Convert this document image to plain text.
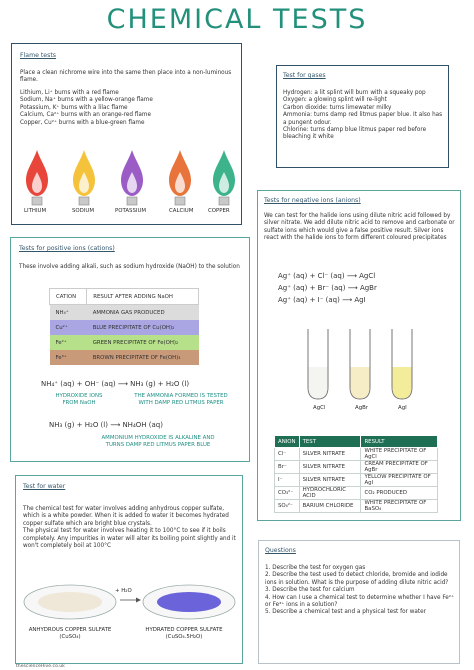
CHEMICAL TESTS
Flame tests
Place a clean nichrome wire into the same then place into a non-luminous flame.
Lithium, Li⁺ burns with a red flame
Sodium, Na⁺ burns with a yellow-orange flame
Potassium, K⁺ burns with a lilac flame
Calcium, Ca²⁺ burns with an orange-red flame
Copper, Cu²⁺ burns with a blue-green flame
LITHIUM	SODIUM	POTASSIUM	CALCIUM	COPPER
Test for gases
Hydrogen: a lit splint will burn with a squeaky pop
Oxygen: a glowing splint will re-light
Carbon dioxide: turns limewater milky
Ammonia: turns damp red litmus paper blue. It also has a pungent odour.
Chlorine: turns damp blue litmus paper red before bleaching it white
Tests for negative ions (anions)
We can test for the halide ions using dilute nitric acid followed by silver nitrate. We add dilute nitric acid to remove and carbonate or sulfate ions which would give a false positive result. Silver ions react with the halide ions to form different coloured precipitates
Ag⁺ (aq) + Cl⁻ (aq) ⟶ AgCl
Ag⁺ (aq) + Br⁻ (aq) ⟶ AgBr
Ag⁺ (aq) + I⁻ (aq) ⟶ AgI
AgCl	AgBr	AgI
ANION	TEST	RESULT
Cl⁻	SILVER NITRATE	WHITE PRECIPITATE OF AgCl
Br⁻	SILVER NITRATE	CREAM PRECIPITATE OF AgBr
I⁻	SILVER NITRATE	YELLOW PRECIPITATE OF AgI
CO₃²⁻	HYDROCHLORIC ACID	CO₂ PRODUCED
SO₄²⁻	BARIUM CHLORIDE	WHITE PRECIPITATE OF BaSO₄
Tests for positive ions (cations)
These involve adding alkali, such as sodium hydroxide (NaOH) to the solution
CATION	RESULT AFTER ADDING NaOH
NH₄⁺	AMMONIA GAS PRODUCED
Cu²⁺	BLUE PRECIPITATE OF Cu(OH)₂
Fe²⁺	GREEN PRECIPITATE OF Fe(OH)₂
Fe³⁺	BROWN PRECIPITATE OF Fe(OH)₃
NH₄⁺ (aq) + OH⁻ (aq) ⟶ NH₃ (g) + H₂O (l)
HYDROXIDE IONS FROM NaOH
THE AMMONIA FORMED IS TESTED WITH DAMP RED LITMUS PAPER
NH₃ (g) + H₂O (l) ⟶ NH₄OH (aq)
AMMONIUM HYDROXIDE IS ALKALINE AND TURNS DAMP RED LITMUS PAPER BLUE
Test for water
The chemical test for water involves adding anhydrous copper sulfate, which is a white powder. When it is added to water it becomes hydrated copper sulfate which are bright blue crystals.
The physical test for water involves heating it to 100°C to see if it boils completely. Any impurities in water will alter its boiling point slightly and it won't completely boil at 100°C
+ H₂O
ANHYDROUS COPPER SULFATE (CuSO₄)
HYDRATED COPPER SULFATE (CuSO₄.5H₂O)
Questions
1. Describe the test for oxygen gas
2. Describe the test used to detect chloride, bromide and iodide ions in solution. What is the purpose of adding dilute nitric acid?
3. Describe the test for calcium
4. How can I use a chemical test to determine whether I have Fe²⁺ or Fe³⁺ ions in a solution?
5. Describe a chemical test and a physical test for water
thescienceHive.co.uk
